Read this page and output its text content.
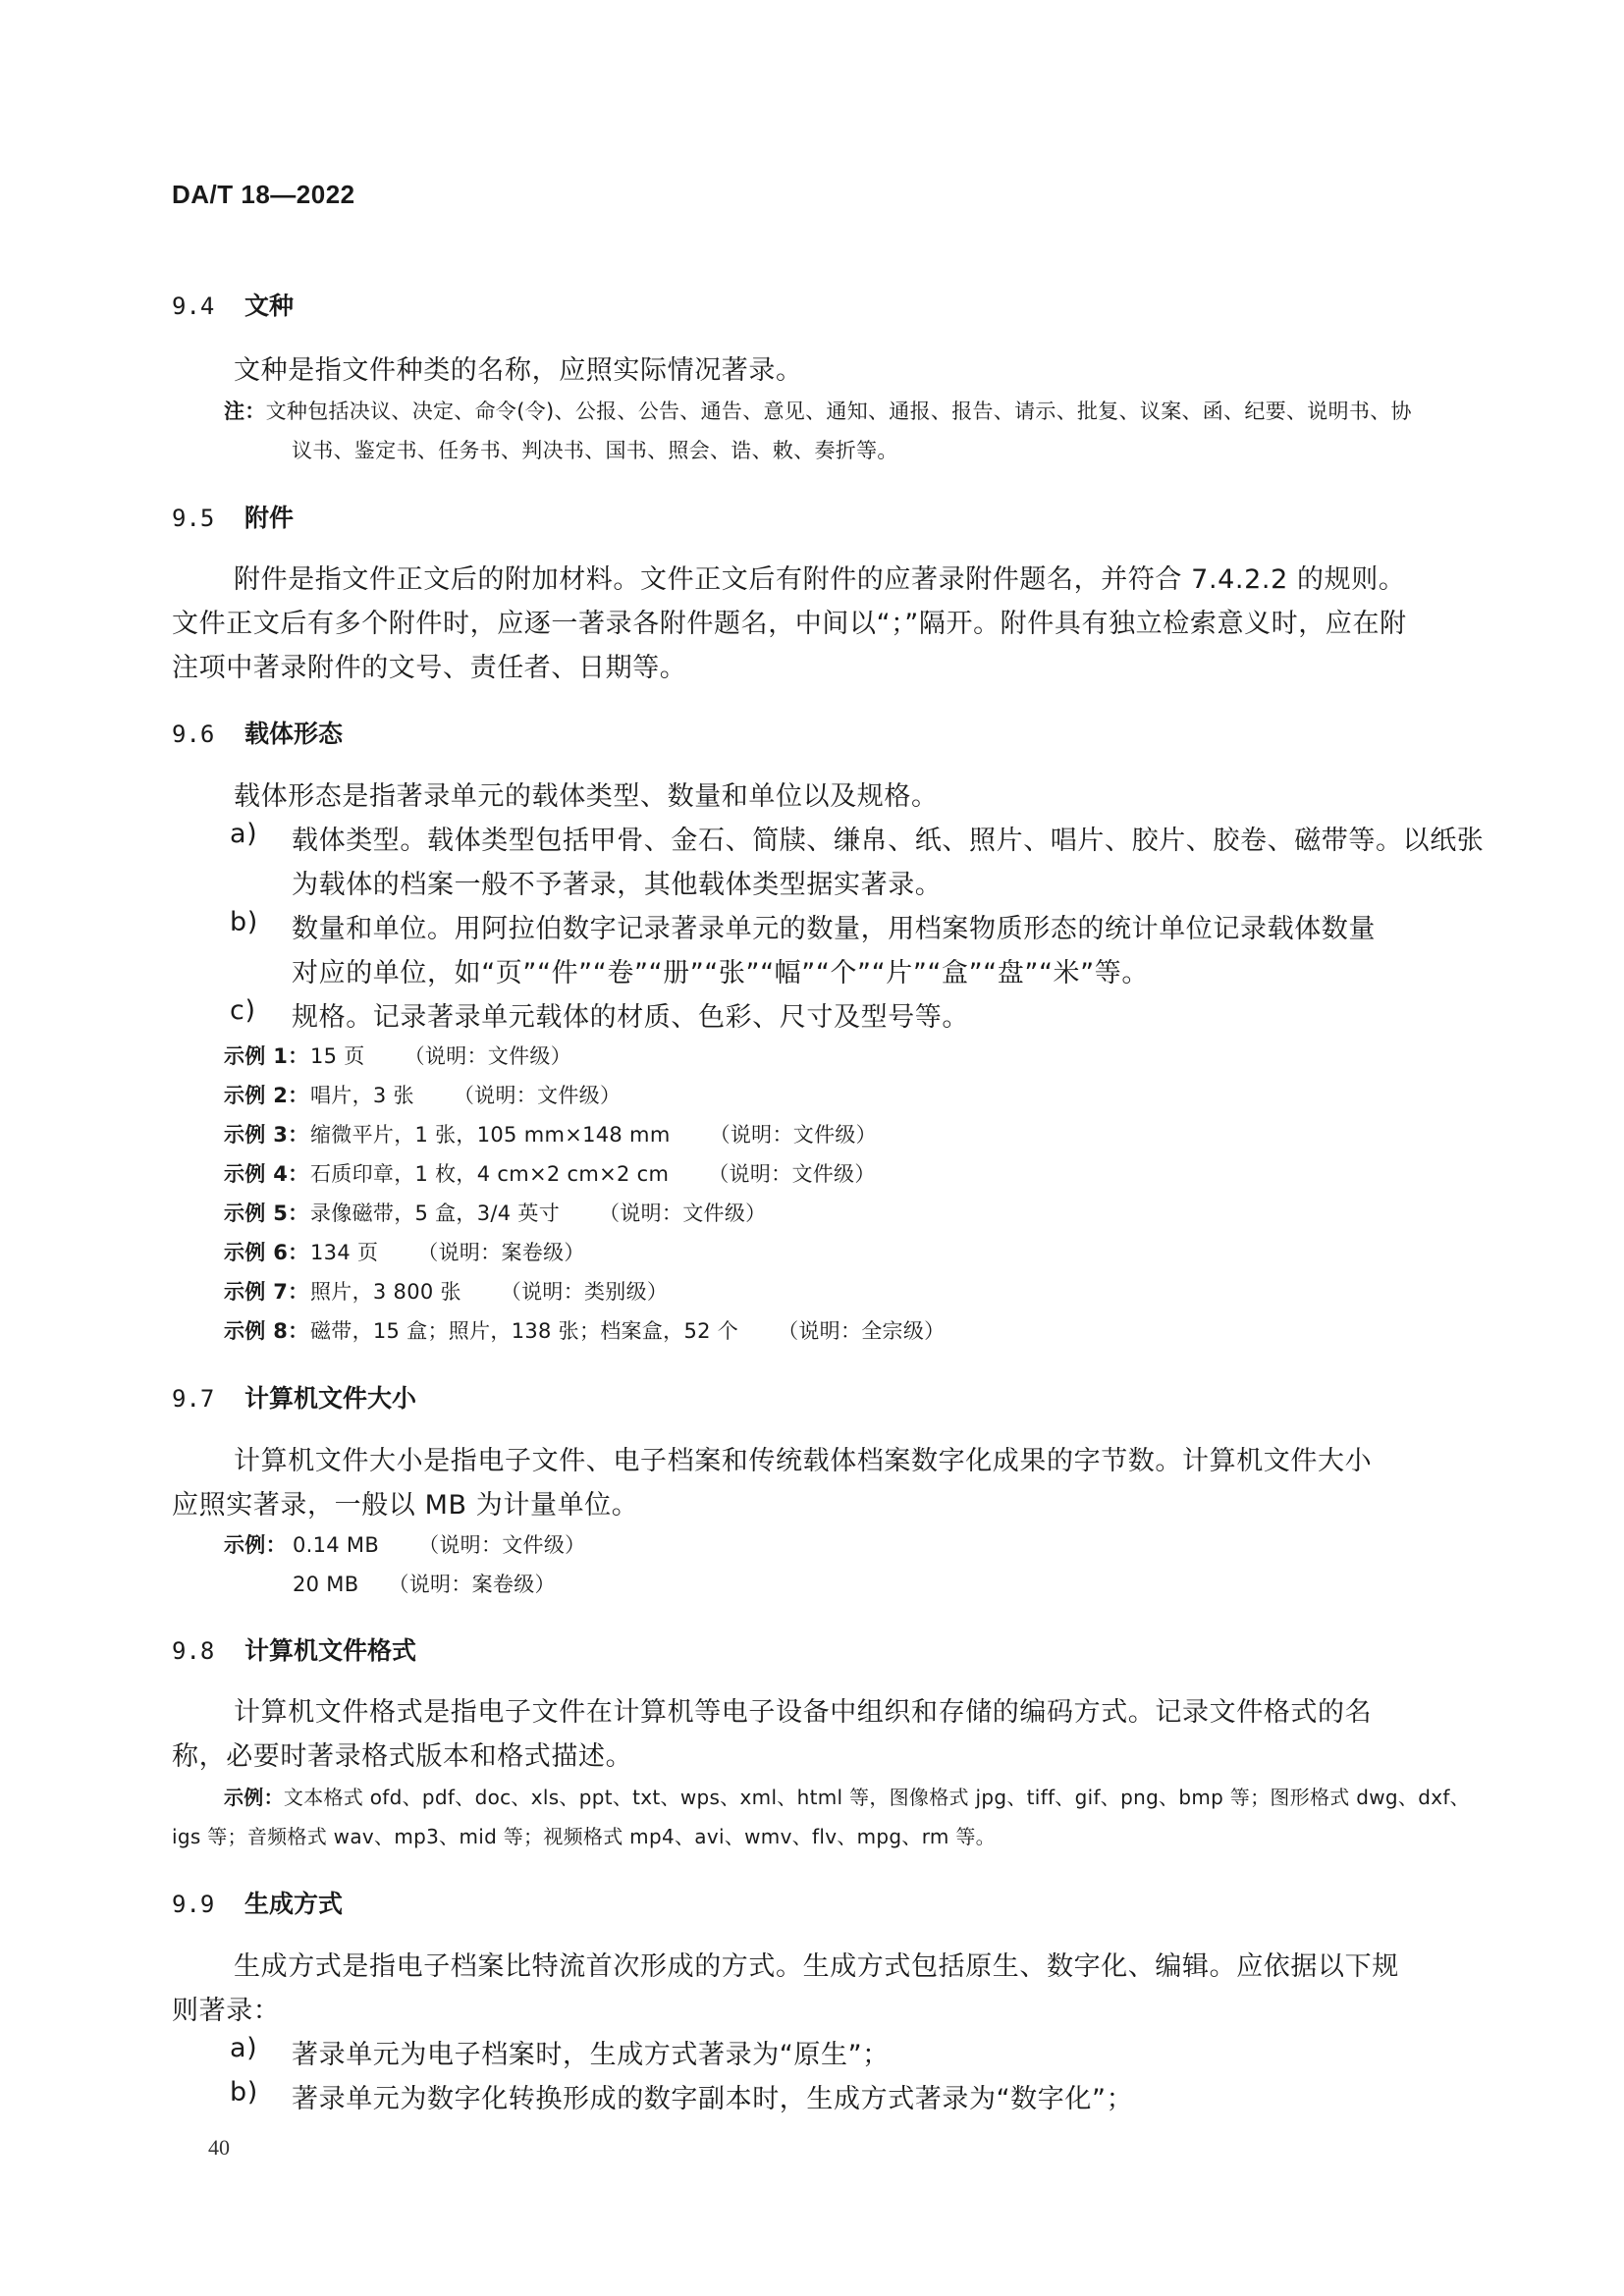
DA/T 18—2022
9.4 文种
文种是指文件种类的名称，应照实际情况著录。
注：文种包括决议、决定、命令(令)、公报、公告、通告、意见、通知、通报、报告、请示、批复、议案、函、纪要、说明书、协
议书、鉴定书、任务书、判决书、国书、照会、诰、敕、奏折等。
9.5 附件
附件是指文件正文后的附加材料。文件正文后有附件的应著录附件题名，并符合 7.4.2.2 的规则。
文件正文后有多个附件时，应逐一著录各附件题名，中间以“；”隔开。附件具有独立检索意义时，应在附
注项中著录附件的文号、责任者、日期等。
9.6 载体形态
载体形态是指著录单元的载体类型、数量和单位以及规格。
a) 载体类型。载体类型包括甲骨、金石、简牍、缣帛、纸、照片、唱片、胶片、胶卷、磁带等。以纸张
为载体的档案一般不予著录，其他载体类型据实著录。
b) 数量和单位。用阿拉伯数字记录著录单元的数量，用档案物质形态的统计单位记录载体数量
对应的单位，如“页”“件”“卷”“册”“张”“幅”“个”“片”“盒”“盘”“米”等。
c) 规格。记录著录单元载体的材质、色彩、尺寸及型号等。
示例 1：15 页 （说明：文件级）
示例 2：唱片，3 张 （说明：文件级）
示例 3：缩微平片，1 张，105 mm×148 mm （说明：文件级）
示例 4：石质印章，1 枚，4 cm×2 cm×2 cm （说明：文件级）
示例 5：录像磁带，5 盒，3/4 英寸 （说明：文件级）
示例 6：134 页 （说明：案卷级）
示例 7：照片，3 800 张 （说明：类别级）
示例 8：磁带，15 盒；照片，138 张；档案盒，52 个 （说明：全宗级）
9.7 计算机文件大小
计算机文件大小是指电子文件、电子档案和传统载体档案数字化成果的字节数。计算机文件大小
应照实著录，一般以 MB 为计量单位。
示例： 0.14 MB （说明：文件级）
20 MB （说明：案卷级）
9.8 计算机文件格式
计算机文件格式是指电子文件在计算机等电子设备中组织和存储的编码方式。记录文件格式的名
称，必要时著录格式版本和格式描述。
示例：文本格式 ofd、pdf、doc、xls、ppt、txt、wps、xml、html 等，图像格式 jpg、tiff、gif、png、bmp 等；图形格式 dwg、dxf、
igs 等；音频格式 wav、mp3、mid 等；视频格式 mp4、avi、wmv、flv、mpg、rm 等。
9.9 生成方式
生成方式是指电子档案比特流首次形成的方式。生成方式包括原生、数字化、编辑。应依据以下规
则著录：
a) 著录单元为电子档案时，生成方式著录为“原生”；
b) 著录单元为数字化转换形成的数字副本时，生成方式著录为“数字化”；
40
